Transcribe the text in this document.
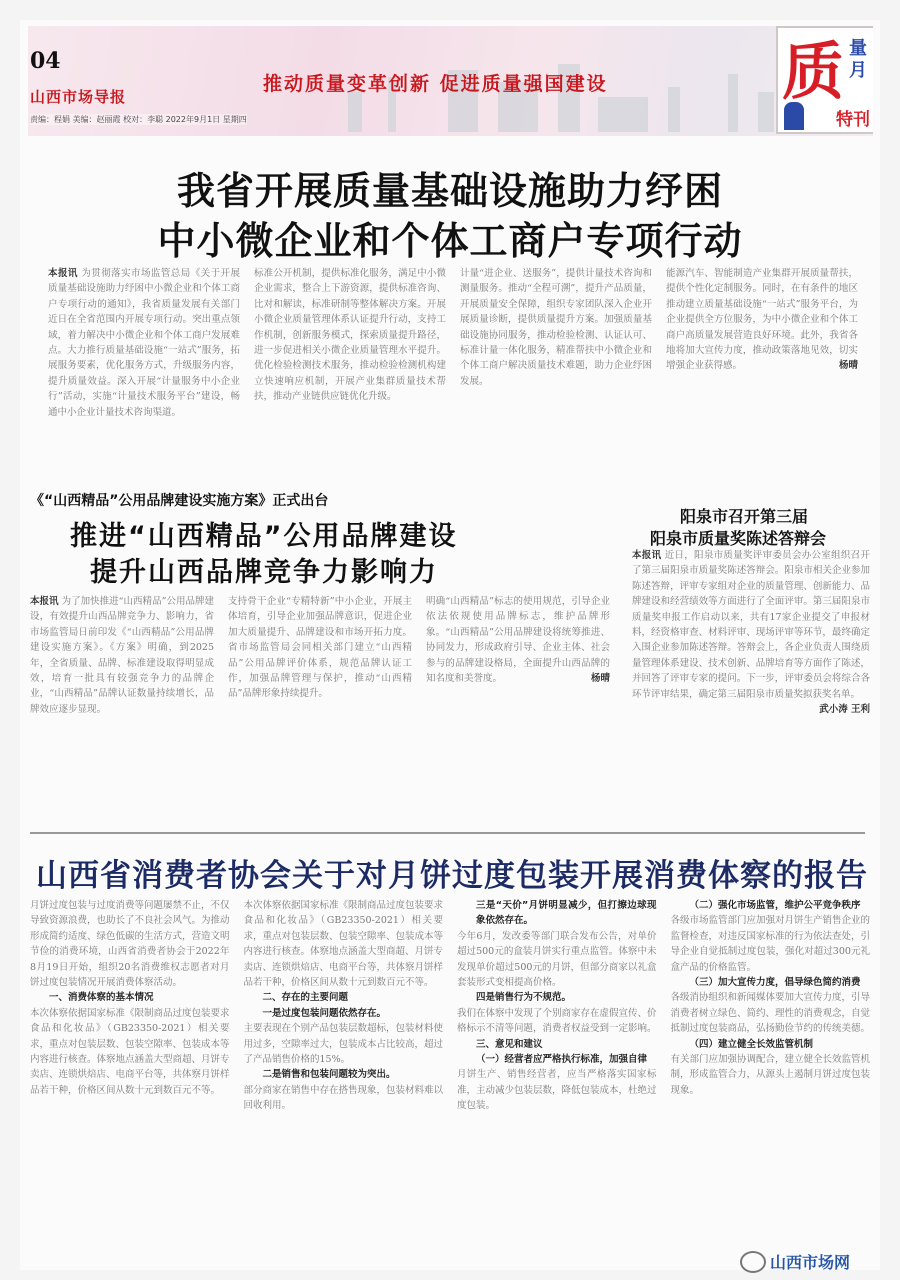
04
山西市场导报
推动质量变革创新 促进质量强国建设
责编：程娟 美编：赵丽霞 校对：李聪 2022年9月1日 星期四
质 量月
特刊
我省开展质量基础设施助力纾困
中小微企业和个体工商户专项行动
本报讯 为贯彻落实市场监管总局《关于开展质量基础设施助力纾困中小微企业和个体工商户专项行动的通知》，我省质量发展有关部门近日在全省范围内开展专项行动。突出重点领域，着力解决中小微企业和个体工商户发展难点。大力推行质量基础设施“一站式”服务，拓展服务要素，优化服务方式，升级服务内容，提升质量效益。深入开展“计量服务中小企业行”活动，实施“计量技术服务平台”建设，畅通中小企业计量技术咨询渠道。
标准公开机制，提供标准化服务，满足中小微企业需求，整合上下游资源，提供标准咨询、比对和解读，标准研制等整体解决方案。开展小微企业质量管理体系认证提升行动，支持工作机制，创新服务模式，探索质量提升路径，进一步促进相关小微企业质量管理水平提升。优化检验检测技术服务，推动检验检测机构建立快速响应机制，开展产业集群质量技术帮扶，推动产业链供应链优化升级。
计量“进企业、送服务”，提供计量技术咨询和测量服务。推动“全程可溯”，提升产品质量，开展质量安全保障，组织专家团队深入企业开展质量诊断，提供质量提升方案。加强质量基础设施协同服务，推动检验检测、认证认可、标准计量一体化服务，精准帮扶中小微企业和个体工商户解决质量技术难题，助力企业纾困发展。
能源汽车、智能制造产业集群开展质量帮扶，提供个性化定制服务。同时，在有条件的地区推动建立质量基础设施“一站式”服务平台，为企业提供全方位服务，为中小微企业和个体工商户高质量发展营造良好环境。此外，我省各地将加大宣传力度，推动政策落地见效，切实增强企业获得感。	杨晴
《“山西精品”公用品牌建设实施方案》正式出台
推进“山西精品”公用品牌建设
提升山西品牌竞争力影响力
本报讯 为了加快推进“山西精品”公用品牌建设，有效提升山西品牌竞争力、影响力，省市场监管局日前印发《“山西精品”公用品牌建设实施方案》。《方案》明确，到2025年，全省质量、品牌、标准建设取得明显成效，培育一批具有较强竞争力的品牌企业，“山西精品”品牌认证数量持续增长，品牌效应逐步显现。
支持骨干企业“专精特新”中小企业，开展主体培育，引导企业加强品牌意识，促进企业加大质量提升、品牌建设和市场开拓力度。省市场监管局会同相关部门建立“山西精品”公用品牌评价体系，规范品牌认证工作，加强品牌管理与保护，推动“山西精品”品牌形象持续提升。
明确“山西精品”标志的使用规范，引导企业依法依规使用品牌标志，维护品牌形象。“山西精品”公用品牌建设将统筹推进、协同发力，形成政府引导、企业主体、社会参与的品牌建设格局，全面提升山西品牌的知名度和美誉度。	杨晴
阳泉市召开第三届
阳泉市质量奖陈述答辩会
本报讯 近日，阳泉市质量奖评审委员会办公室组织召开了第三届阳泉市质量奖陈述答辩会。阳泉市相关企业参加陈述答辩，评审专家组对企业的质量管理、创新能力、品牌建设和经营绩效等方面进行了全面评审。第三届阳泉市质量奖申报工作启动以来，共有17家企业提交了申报材料，经资格审查、材料评审、现场评审等环节，最终确定入围企业参加陈述答辩。答辩会上，各企业负责人围绕质量管理体系建设、技术创新、品牌培育等方面作了陈述，并回答了评审专家的提问。下一步，评审委员会将综合各环节评审结果，确定第三届阳泉市质量奖拟获奖名单。
武小涛 王利
山西省消费者协会关于对月饼过度包装开展消费体察的报告
月饼过度包装与过度消费等问题屡禁不止，不仅导致资源浪费，也助长了不良社会风气。为推动形成简约适度、绿色低碳的生活方式，营造文明节俭的消费环境，山西省消费者协会于2022年8月19日开始，组织20名消费维权志愿者对月饼过度包装情况开展消费体察活动。
一、消费体察的基本情况
本次体察依据国家标准《限制商品过度包装要求 食品和化妆品》（GB23350-2021）相关要求，重点对包装层数、包装空隙率、包装成本等内容进行核查。体察地点涵盖大型商超、月饼专卖店、连锁烘焙店、电商平台等，共体察月饼样品若干种，价格区间从数十元到数百元不等。
本次体察依据国家标准《限制商品过度包装要求 食品和化妆品》（GB23350-2021）相关要求，重点对包装层数、包装空隙率、包装成本等内容进行核查。体察地点涵盖大型商超、月饼专卖店、连锁烘焙店、电商平台等，共体察月饼样品若干种，价格区间从数十元到数百元不等。
二、存在的主要问题
一是过度包装问题依然存在。
主要表现在个别产品包装层数超标，包装材料使用过多，空隙率过大，包装成本占比较高，超过了产品销售价格的15%。
二是销售和包装问题较为突出。
部分商家在销售中存在搭售现象，包装材料难以回收利用。
三是“天价”月饼明显减少，但打擦边球现象依然存在。
今年6月，发改委等部门联合发布公告，对单价超过500元的盒装月饼实行重点监管。体察中未发现单价超过500元的月饼，但部分商家以礼盒套装形式变相提高价格。
四是销售行为不规范。
我们在体察中发现了个别商家存在虚假宣传、价格标示不清等问题，消费者权益受到一定影响。
三、意见和建议
（一）经营者应严格执行标准，加强自律
月饼生产、销售经营者，应当严格落实国家标准，主动减少包装层数，降低包装成本，杜绝过度包装。
（二）强化市场监管，维护公平竞争秩序
各级市场监管部门应加强对月饼生产销售企业的监督检查，对违反国家标准的行为依法查处，引导企业自觉抵制过度包装，强化对超过300元礼盒产品的价格监管。
（三）加大宣传力度，倡导绿色简约消费
各级消协组织和新闻媒体要加大宣传力度，引导消费者树立绿色、简约、理性的消费观念，自觉抵制过度包装商品，弘扬勤俭节约的传统美德。
（四）建立健全长效监管机制
有关部门应加强协调配合，建立健全长效监管机制，形成监管合力，从源头上遏制月饼过度包装现象。
山西市场网
